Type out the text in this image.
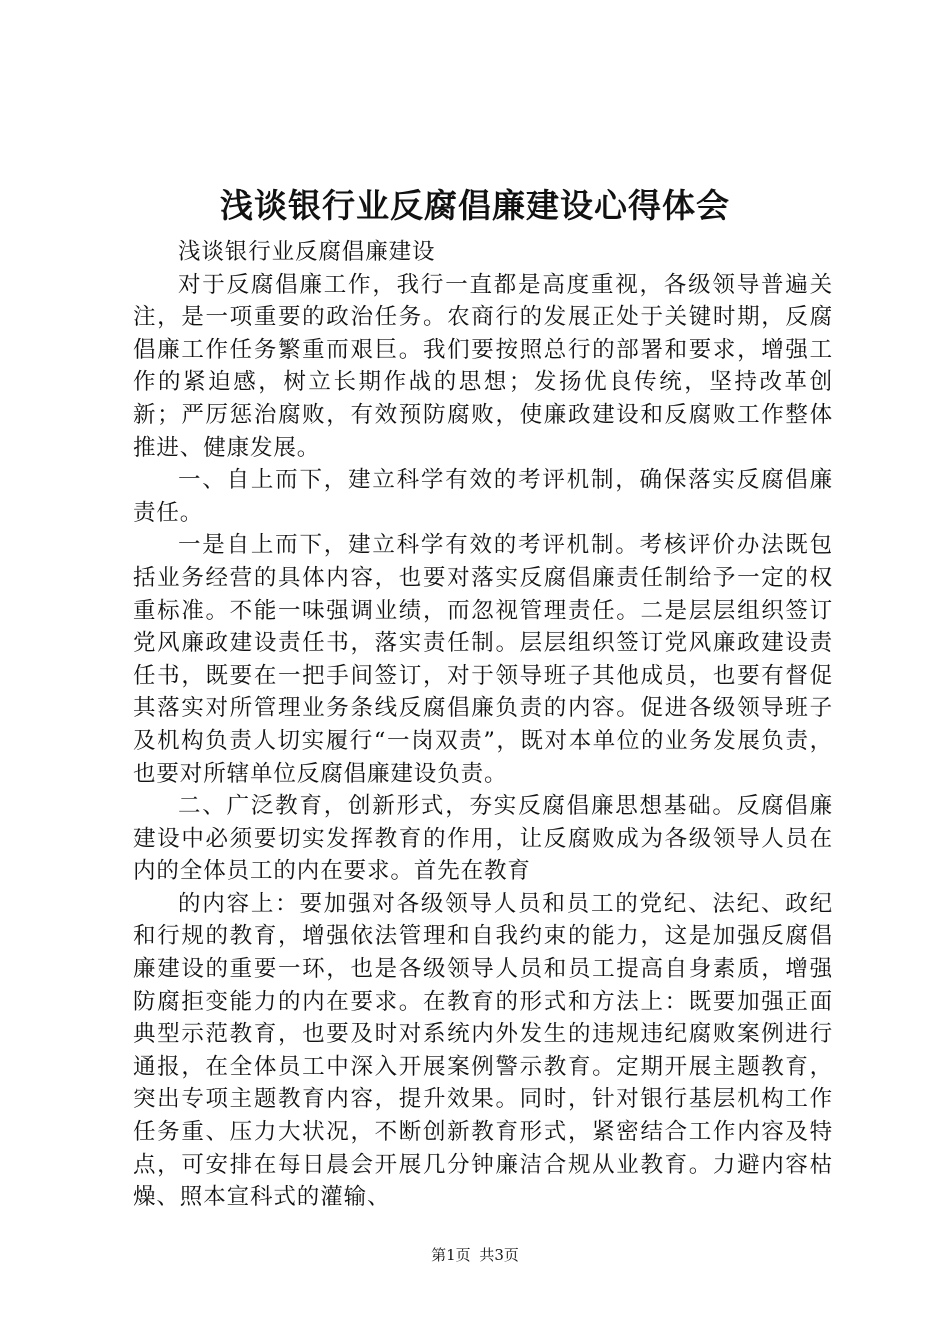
浅谈银行业反腐倡廉建设心得体会

浅谈银行业反腐倡廉建设

对于反腐倡廉工作，我行一直都是高度重视，各级领导普遍关注，是一项重要的政治任务。农商行的发展正处于关键时期，反腐倡廉工作任务繁重而艰巨。我们要按照总行的部署和要求，增强工作的紧迫感，树立长期作战的思想；发扬优良传统，坚持改革创新；严厉惩治腐败，有效预防腐败，使廉政建设和反腐败工作整体推进、健康发展。

一、自上而下，建立科学有效的考评机制，确保落实反腐倡廉责任。

一是自上而下，建立科学有效的考评机制。考核评价办法既包括业务经营的具体内容，也要对落实反腐倡廉责任制给予一定的权重标准。不能一味强调业绩，而忽视管理责任。二是层层组织签订党风廉政建设责任书，落实责任制。层层组织签订党风廉政建设责任书，既要在一把手间签订，对于领导班子其他成员，也要有督促其落实对所管理业务条线反腐倡廉负责的内容。促进各级领导班子及机构负责人切实履行“一岗双责”，既对本单位的业务发展负责，也要对所辖单位反腐倡廉建设负责。

二、广泛教育，创新形式，夯实反腐倡廉思想基础。反腐倡廉建设中必须要切实发挥教育的作用，让反腐败成为各级领导人员在内的全体员工的内在要求。首先在教育

的内容上：要加强对各级领导人员和员工的党纪、法纪、政纪和行规的教育，增强依法管理和自我约束的能力，这是加强反腐倡廉建设的重要一环，也是各级领导人员和员工提高自身素质，增强防腐拒变能力的内在要求。在教育的形式和方法上：既要加强正面典型示范教育，也要及时对系统内外发生的违规违纪腐败案例进行通报，在全体员工中深入开展案例警示教育。定期开展主题教育，突出专项主题教育内容，提升效果。同时，针对银行基层机构工作任务重、压力大状况，不断创新教育形式，紧密结合工作内容及特点，可安排在每日晨会开展几分钟廉洁合规从业教育。力避内容枯燥、照本宣科式的灌输、

第1页 共3页
